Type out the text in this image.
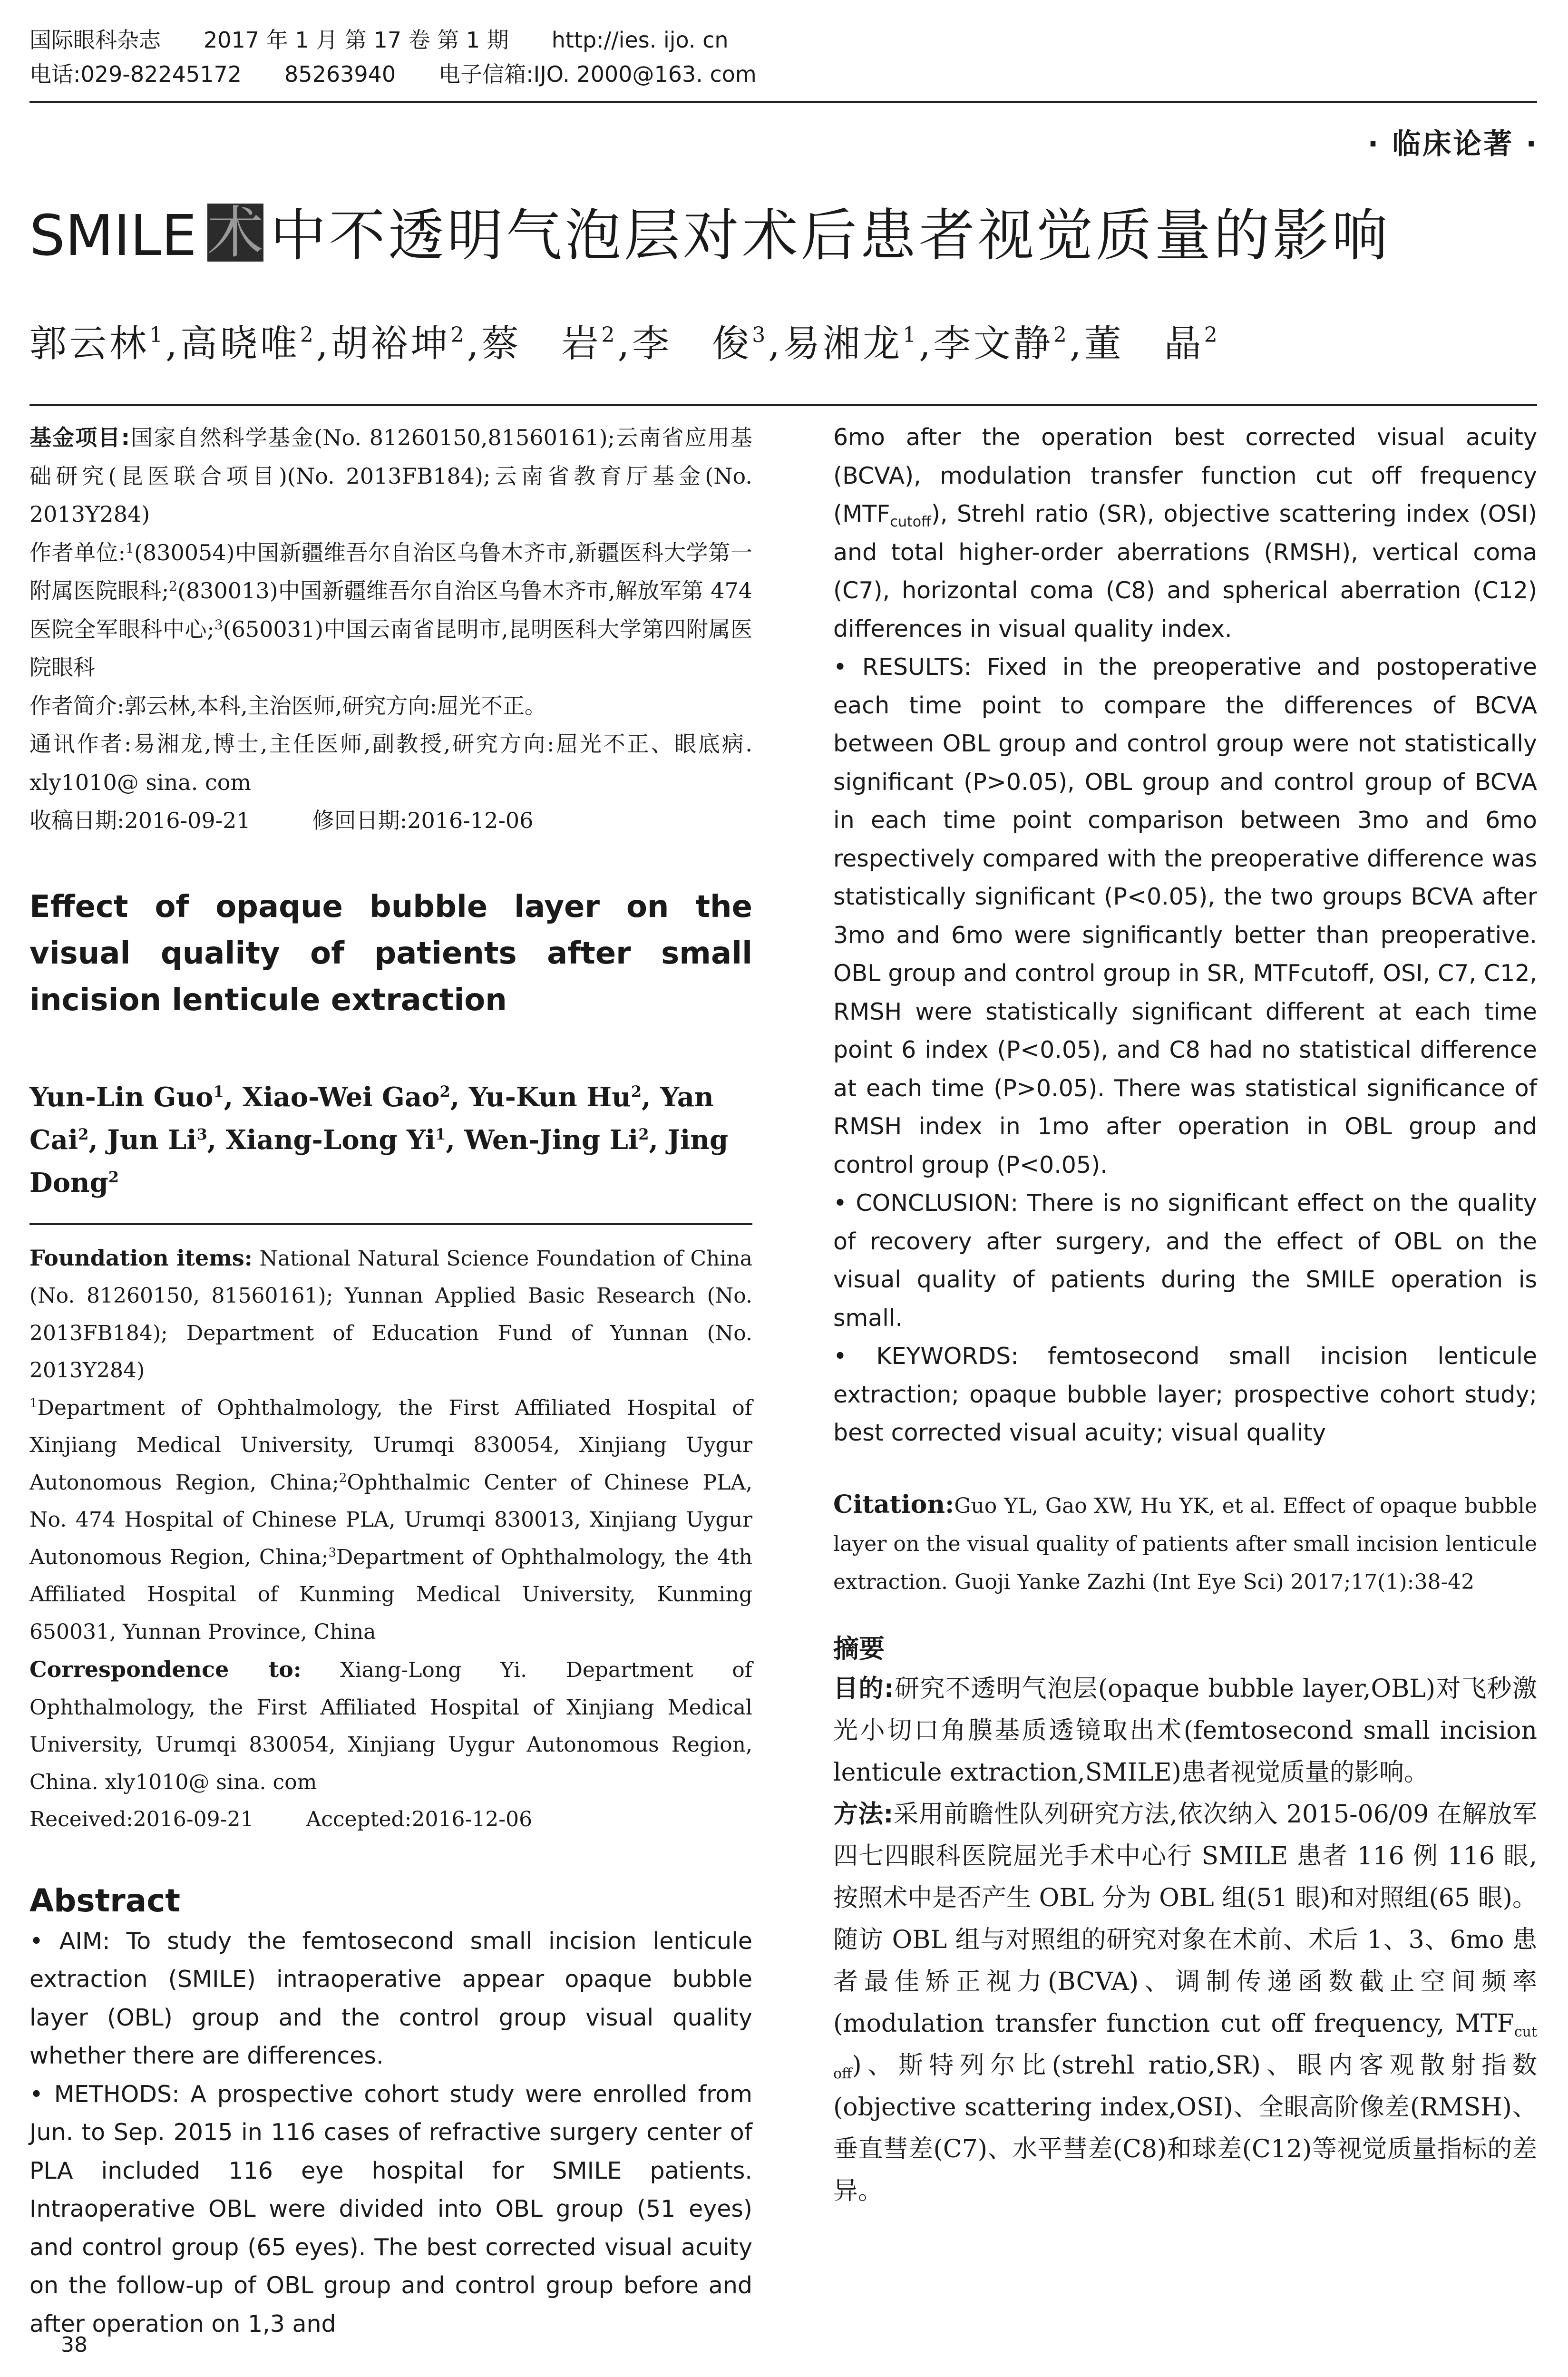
国际眼科杂志 2017 年 1 月 第 17 卷 第 1 期 http://ies. ijo. cn
电话:029-82245172 85263940 电子信箱:IJO. 2000@163. com
· 临床论著 ·
SMILE 术中不透明气泡层对术后患者视觉质量的影响
郭云林$^1$,高晓唯$^2$,胡裕坤$^2$,蔡　岩$^2$,李　俊$^3$,易湘龙$^1$,李文静$^2$,董　晶$^2$
基金项目:国家自然科学基金(No. 81260150,81560161);云南省应用基础研究(昆医联合项目)(No. 2013FB184);云南省教育厅基金(No. 2013Y284)
作者单位:$^1$(830054)中国新疆维吾尔自治区乌鲁木齐市,新疆医科大学第一附属医院眼科;$^2$(830013)中国新疆维吾尔自治区乌鲁木齐市,解放军第 474 医院全军眼科中心;$^3$(650031)中国云南省昆明市,昆明医科大学第四附属医院眼科
作者简介:郭云林,本科,主治医师,研究方向:屈光不正。
通讯作者:易湘龙,博士,主任医师,副教授,研究方向:屈光不正、眼底病. xly1010@ sina. com
收稿日期:2016-09-21	修回日期:2016-12-06
Effect of opaque bubble layer on the visual quality of patients after small incision lenticule extraction
Yun-Lin Guo$^1$, Xiao-Wei Gao$^2$, Yu-Kun Hu$^2$, Yan Cai$^2$, Jun Li$^3$, Xiang-Long Yi$^1$, Wen-Jing Li$^2$, Jing Dong$^2$
Foundation items: National Natural Science Foundation of China (No. 81260150, 81560161); Yunnan Applied Basic Research (No. 2013FB184); Department of Education Fund of Yunnan (No. 2013Y284)
$^1$Department of Ophthalmology, the First Affiliated Hospital of Xinjiang Medical University, Urumqi 830054, Xinjiang Uygur Autonomous Region, China;$^2$Ophthalmic Center of Chinese PLA, No. 474 Hospital of Chinese PLA, Urumqi 830013, Xinjiang Uygur Autonomous Region, China;$^3$Department of Ophthalmology, the 4th Affiliated Hospital of Kunming Medical University, Kunming 650031, Yunnan Province, China
Correspondence to: Xiang-Long Yi. Department of Ophthalmology, the First Affiliated Hospital of Xinjiang Medical University, Urumqi 830054, Xinjiang Uygur Autonomous Region, China. xly1010@ sina. com
Received:2016-09-21	Accepted:2016-12-06
Abstract

• AIM: To study the femtosecond small incision lenticule extraction (SMILE) intraoperative appear opaque bubble layer (OBL) group and the control group visual quality whether there are differences.

• METHODS: A prospective cohort study were enrolled from Jun. to Sep. 2015 in 116 cases of refractive surgery center of PLA included 116 eye hospital for SMILE patients. Intraoperative OBL were divided into OBL group (51 eyes) and control group (65 eyes). The best corrected visual acuity on the follow-up of OBL group and control group before and after operation on 1,3 and

6mo after the operation best corrected visual acuity (BCVA), modulation transfer function cut off frequency $(MTF_{cutoff})$, Strehl ratio (SR), objective scattering index (OSI) and total higher-order aberrations (RMSH), vertical coma (C7), horizontal coma (C8) and spherical aberration (C12) differences in visual quality index.

• RESULTS: Fixed in the preoperative and postoperative each time point to compare the differences of BCVA between OBL group and control group were not statistically significant (P>0.05), OBL group and control group of BCVA in each time point comparison between 3mo and 6mo respectively compared with the preoperative difference was statistically significant (P<0.05), the two groups BCVA after 3mo and 6mo were significantly better than preoperative. OBL group and control group in SR, MTFcutoff, OSI, C7, C12, RMSH were statistically significant different at each time point 6 index (P<0.05), and C8 had no statistical difference at each time (P>0.05). There was statistical significance of RMSH index in 1mo after operation in OBL group and control group (P<0.05).

• CONCLUSION: There is no significant effect on the quality of recovery after surgery, and the effect of OBL on the visual quality of patients during the SMILE operation is small.

• KEYWORDS: femtosecond small incision lenticule extraction; opaque bubble layer; prospective cohort study; best corrected visual acuity; visual quality

Citation:Guo YL, Gao XW, Hu YK, et al. Effect of opaque bubble layer on the visual quality of patients after small incision lenticule extraction. Guoji Yanke Zazhi (Int Eye Sci) 2017;17(1):38-42
摘要

目的:研究不透明气泡层(opaque bubble layer,OBL)对飞秒激光小切口角膜基质透镜取出术(femtosecond small incision lenticule extraction,SMILE)患者视觉质量的影响。

方法:采用前瞻性队列研究方法,依次纳入 2015-06/09 在解放军四七四眼科医院屈光手术中心行 SMILE 患者 116 例 116 眼,按照术中是否产生 OBL 分为 OBL 组(51 眼)和对照组(65 眼)。随访 OBL 组与对照组的研究对象在术前、术后 1、3、6mo 患者最佳矫正视力(BCVA)、调制传递函数截止空间频率(modulation transfer function cut off frequency, $MTF_{cut off}$)、斯特列尔比(strehl ratio,SR)、眼内客观散射指数(objective scattering index,OSI)、全眼高阶像差(RMSH)、垂直彗差(C7)、水平彗差(C8)和球差(C12)等视觉质量指标的差异。

38
